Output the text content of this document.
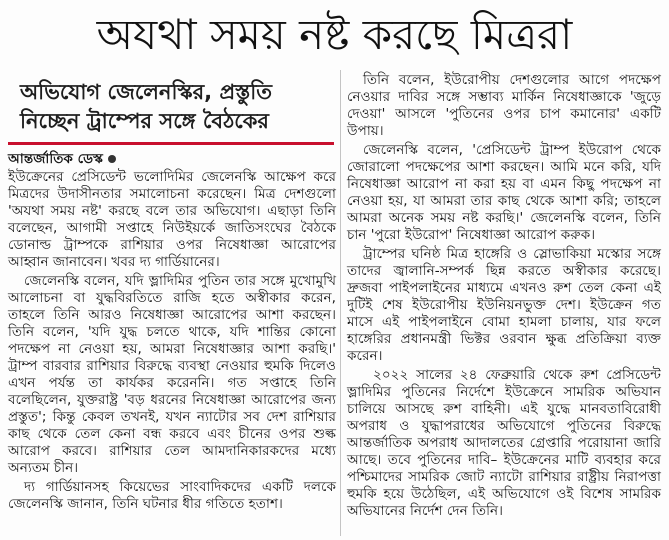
অযথা সময় নষ্ট করছে মিত্ররা
অভিযোগ জেলেনস্কির, প্রস্তুতি
নিচ্ছেন ট্রাম্পের সঙ্গে বৈঠকের
আন্তর্জাতিক ডেস্ক

ইউক্রেনের প্রেসিডেন্ট ভলোদিমির জেলেনস্কি আক্ষেপ করে মিত্রদের উদাসীনতার সমালোচনা করেছেন। মিত্র দেশগুলো 'অযথা সময় নষ্ট' করছে বলে তার অভিযোগ। এছাড়া তিনি বলেছেন, আগামী সপ্তাহে নিউইয়র্কে জাতিসংঘের বৈঠকে ডোনাল্ড ট্রাম্পকে রাশিয়ার ওপর নিষেধাজ্ঞা আরোপের আহ্বান জানাবেন। খবর দ্য গার্ডিয়ানের।

জেলেনস্কি বলেন, যদি ভ্লাদিমির পুতিন তার সঙ্গে মুখোমুখি আলোচনা বা যুদ্ধবিরতিতে রাজি হতে অস্বীকার করেন, তাহলে তিনি আরও নিষেধাজ্ঞা আরোপের আশা করছেন। তিনি বলেন, 'যদি যুদ্ধ চলতে থাকে, যদি শান্তির কোনো পদক্ষেপ না নেওয়া হয়, আমরা নিষেধাজ্ঞার আশা করছি।' ট্রাম্প বারবার রাশিয়ার বিরুদ্ধে ব্যবস্থা নেওয়ার হুমকি দিলেও এখন পর্যন্ত তা কার্যকর করেননি। গত সপ্তাহে তিনি বলেছিলেন, যুক্তরাষ্ট্র 'বড় ধরনের নিষেধাজ্ঞা আরোপের জন্য প্রস্তুত'; কিন্তু কেবল তখনই, যখন ন্যাটোর সব দেশ রাশিয়ার কাছ থেকে তেল কেনা বন্ধ করবে এবং চীনের ওপর শুল্ক আরোপ করবে। রাশিয়ার তেল আমদানিকারকদের মধ্যে অন্যতম চীন।

দ্য গার্ডিয়ানসহ কিয়েভের সাংবাদিকদের একটি দলকে জেলেনস্কি জানান, তিনি ঘটনার ধীর গতিতে হতাশ।

তিনি বলেন, ইউরোপীয় দেশগুলোর আগে পদক্ষেপ নেওয়ার দাবির সঙ্গে সম্ভাব্য মার্কিন নিষেধাজ্ঞাকে 'জুড়ে দেওয়া' আসলে 'পুতিনের ওপর চাপ কমানোর' একটি উপায়।

জেলেনস্কি বলেন, 'প্রেসিডেন্ট ট্রাম্প ইউরোপ থেকে জোরালো পদক্ষেপের আশা করছেন। আমি মনে করি, যদি নিষেধাজ্ঞা আরোপ না করা হয় বা এমন কিছু পদক্ষেপ না নেওয়া হয়, যা আমরা তার কাছ থেকে আশা করি; তাহলে আমরা অনেক সময় নষ্ট করছি।' জেলেনস্কি বলেন, তিনি চান 'পুরো ইউরোপ' নিষেধাজ্ঞা আরোপ করুক।

ট্রাম্পের ঘনিষ্ঠ মিত্র হাঙ্গেরি ও স্লোভাকিয়া মস্কোর সঙ্গে তাদের জ্বালানি-সম্পর্ক ছিন্ন করতে অস্বীকার করেছে। দ্রুজবা পাইপলাইনের মাধ্যমে এখনও রুশ তেল কেনা এই দুটিই শেষ ইউরোপীয় ইউনিয়নভুক্ত দেশ। ইউক্রেন গত মাসে এই পাইপলাইনে বোমা হামলা চালায়, যার ফলে হাঙ্গেরির প্রধানমন্ত্রী ভিক্টর ওরবান ক্ষুব্ধ প্রতিক্রিয়া ব্যক্ত করেন।

২০২২ সালের ২৪ ফেব্রুয়ারি থেকে রুশ প্রেসিডেন্ট ভ্লাদিমির পুতিনের নির্দেশে ইউক্রেনে সামরিক অভিযান চালিয়ে আসছে রুশ বাহিনী। এই যুদ্ধে মানবতাবিরোধী অপরাধ ও যুদ্ধাপরাধের অভিযোগে পুতিনের বিরুদ্ধে আন্তর্জাতিক অপরাধ আদালতের গ্রেপ্তারি পরোয়ানা জারি আছে। তবে পুতিনের দাবি– ইউক্রেনের মাটি ব্যবহার করে পশ্চিমাদের সামরিক জোট ন্যাটো রাশিয়ার রাষ্ট্রীয় নিরাপত্তা হুমকি হয়ে উঠেছিল, এই অভিযোগে ওই বিশেষ সামরিক অভিযানের নির্দেশ দেন তিনি।
